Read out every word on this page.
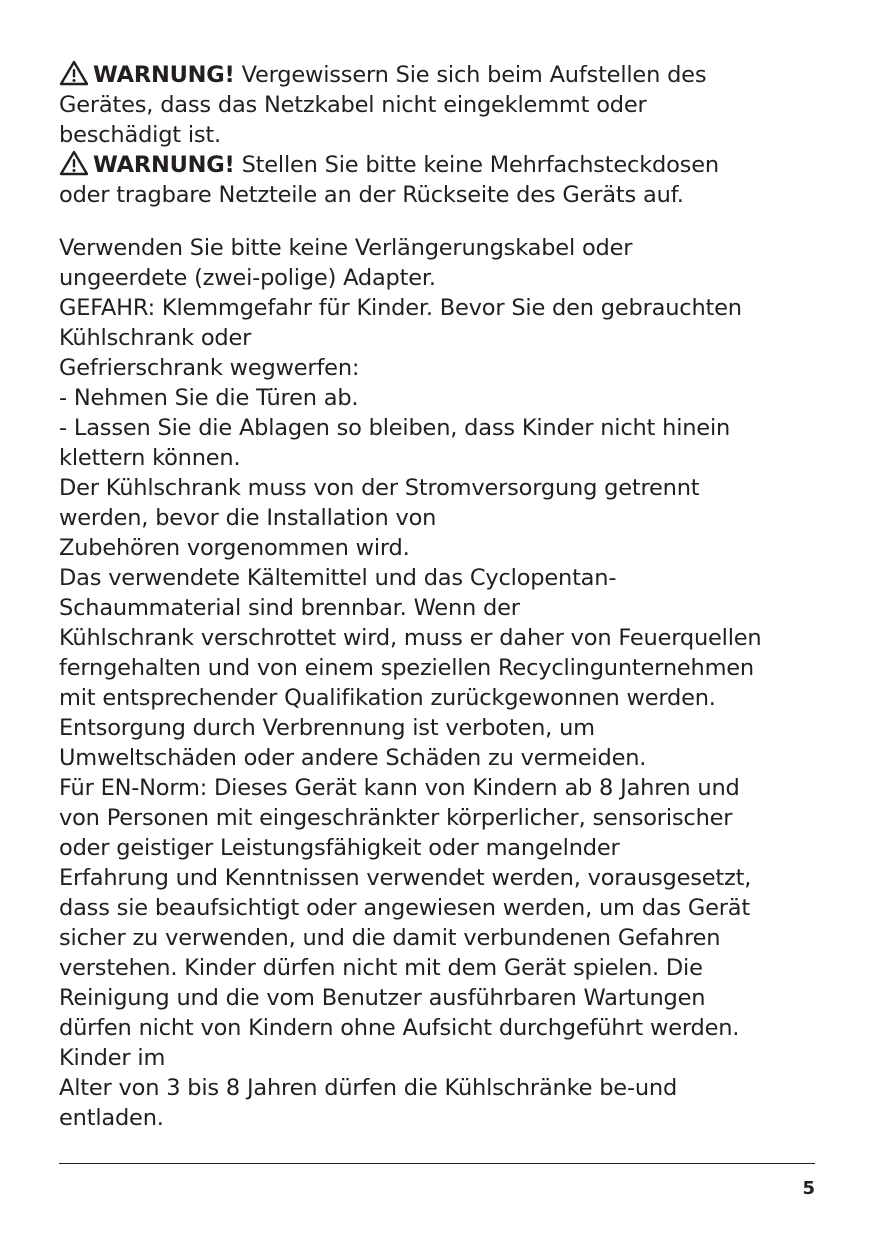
WARNUNG! Vergewissern Sie sich beim Aufstellen des
Gerätes, dass das Netzkabel nicht eingeklemmt oder
beschädigt ist.
WARNUNG! Stellen Sie bitte keine Mehrfachsteckdosen
oder tragbare Netzteile an der Rückseite des Geräts auf.
Verwenden Sie bitte keine Verlängerungskabel oder
ungeerdete (zwei-polige) Adapter.
GEFAHR: Klemmgefahr für Kinder. Bevor Sie den gebrauchten
Kühlschrank oder
Gefrierschrank wegwerfen:
- Nehmen Sie die Türen ab.
- Lassen Sie die Ablagen so bleiben, dass Kinder nicht hinein
klettern können.
Der Kühlschrank muss von der Stromversorgung getrennt
werden, bevor die Installation von
Zubehören vorgenommen wird.
Das verwendete Kältemittel und das Cyclopentan-
Schaummaterial sind brennbar. Wenn der
Kühlschrank verschrottet wird, muss er daher von Feuerquellen
ferngehalten und von einem speziellen Recyclingunternehmen
mit entsprechender Qualifikation zurückgewonnen werden.
Entsorgung durch Verbrennung ist verboten, um
Umweltschäden oder andere Schäden zu vermeiden.
Für EN-Norm: Dieses Gerät kann von Kindern ab 8 Jahren und
von Personen mit eingeschränkter körperlicher, sensorischer
oder geistiger Leistungsfähigkeit oder mangelnder
Erfahrung und Kenntnissen verwendet werden, vorausgesetzt,
dass sie beaufsichtigt oder angewiesen werden, um das Gerät
sicher zu verwenden, und die damit verbundenen Gefahren
verstehen. Kinder dürfen nicht mit dem Gerät spielen. Die
Reinigung und die vom Benutzer ausführbaren Wartungen
dürfen nicht von Kindern ohne Aufsicht durchgeführt werden.
Kinder im
Alter von 3 bis 8 Jahren dürfen die Kühlschränke be-und
entladen.
5
